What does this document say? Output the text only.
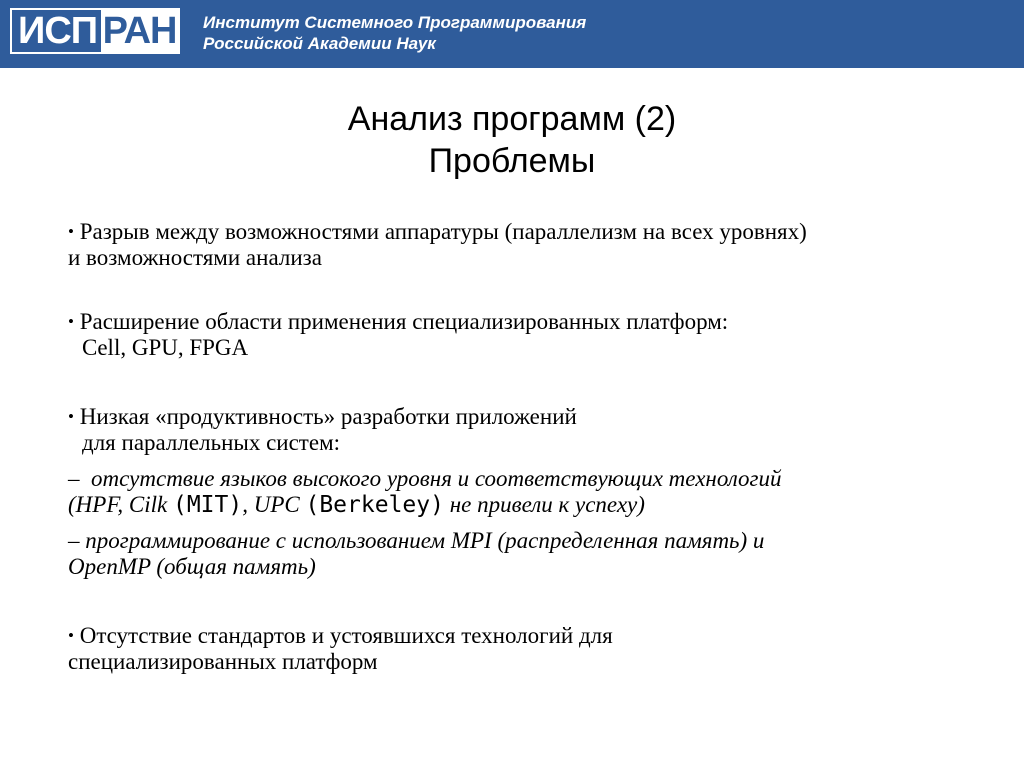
ИСП РАН Институт Системного Программирования
Российской Академии Наук
Анализ программ (2)
Проблемы
• Разрыв между возможностями аппаратуры (параллелизм на всех уровнях)
и возможностями анализа
• Расширение области применения специализированных платформ:
Cell, GPU, FPGA
• Низкая «продуктивность» разработки приложений
для параллельных систем:
– отсутствие языков высокого уровня и соответствующих технологий
(HPF, Cilk (MIT), UPC (Berkeley) не привели к успеху)
– программирование с использованием MPI (распределенная память) и
OpenMP (общая память)
• Отсутствие стандартов и устоявшихся технологий для
специализированных платформ
